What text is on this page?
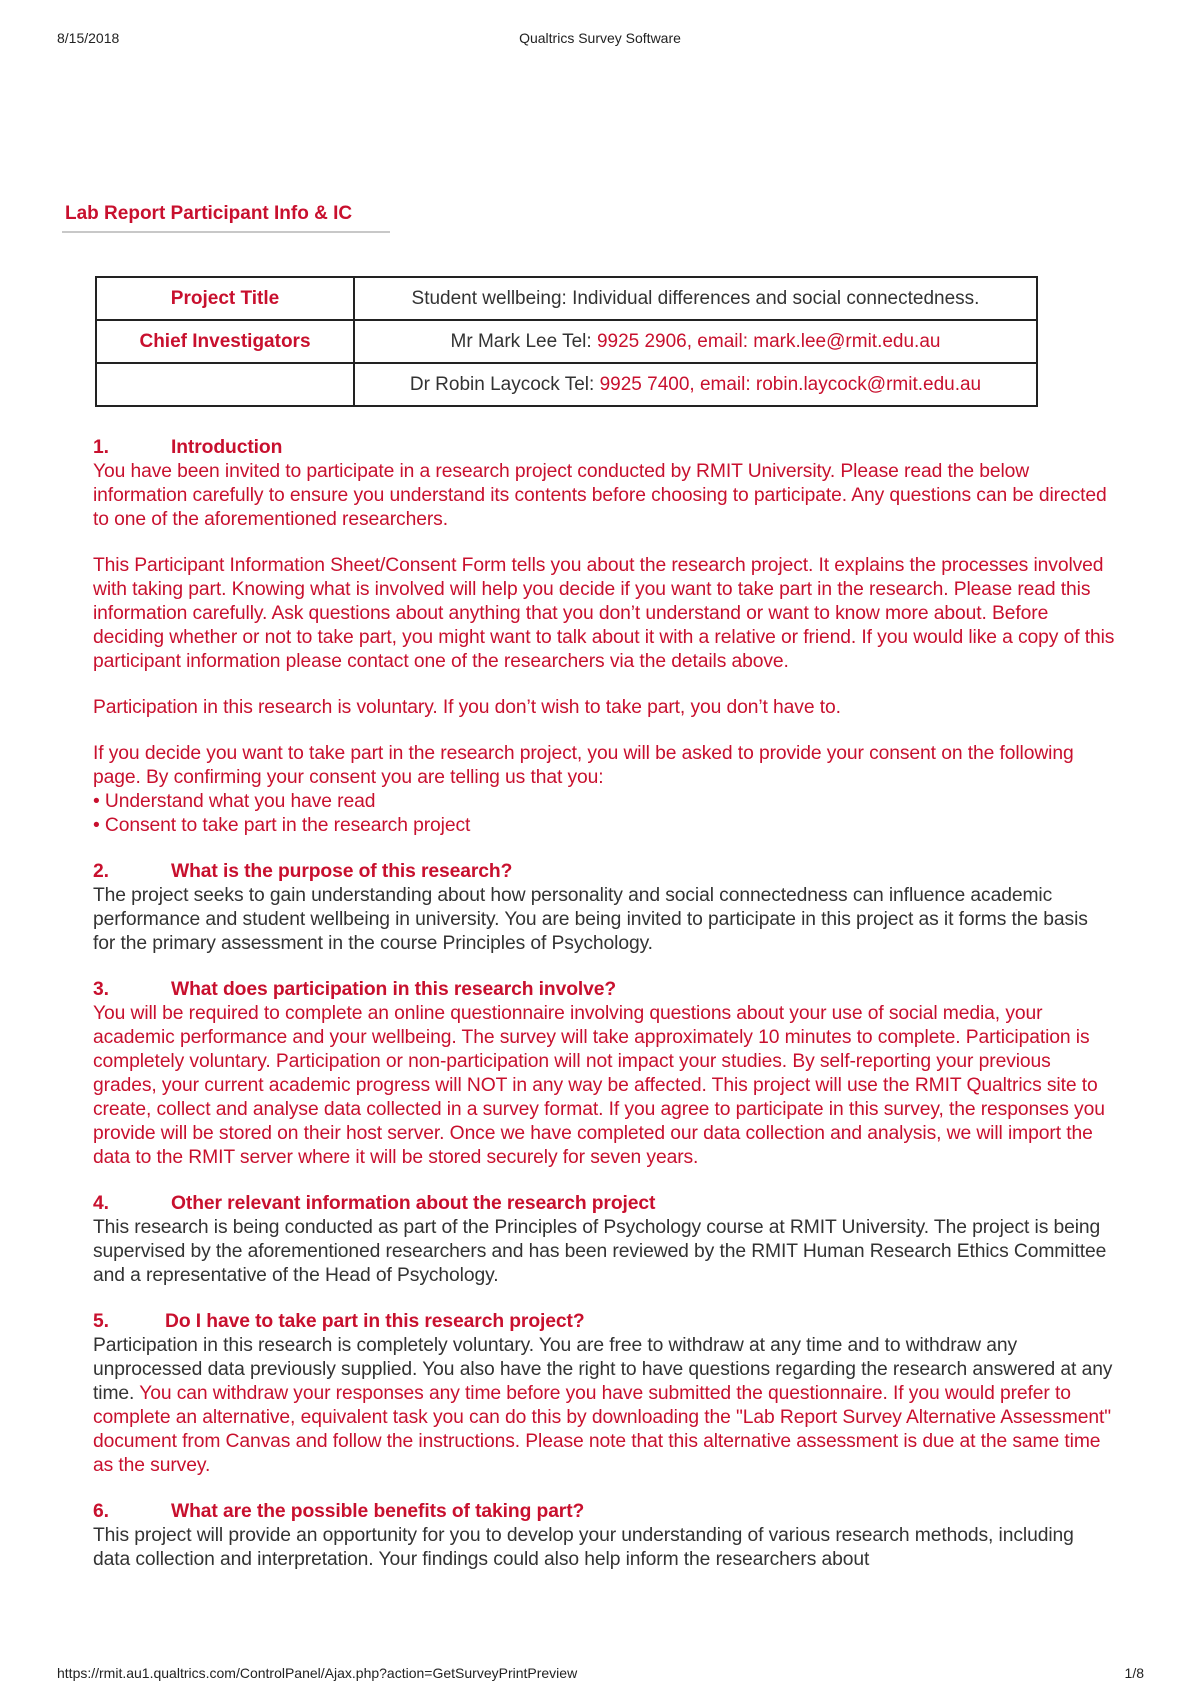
8/15/2018	Qualtrics Survey Software
Lab Report Participant Info & IC
Project Title	Student wellbeing: Individual differences and social connectedness.
Chief Investigators	Mr Mark Lee Tel: 9925 2906, email: mark.lee@rmit.edu.au
	Dr Robin Laycock Tel: 9925 7400, email: robin.laycock@rmit.edu.au
1.	Introduction

You have been invited to participate in a research project conducted by RMIT University. Please read the below information carefully to ensure you understand its contents before choosing to participate. Any questions can be directed to one of the aforementioned researchers.

This Participant Information Sheet/Consent Form tells you about the research project. It explains the processes involved with taking part. Knowing what is involved will help you decide if you want to take part in the research. Please read this information carefully. Ask questions about anything that you don’t understand or want to know more about. Before deciding whether or not to take part, you might want to talk about it with a relative or friend. If you would like a copy of this participant information please contact one of the researchers via the details above.

Participation in this research is voluntary. If you don’t wish to take part, you don’t have to.

If you decide you want to take part in the research project, you will be asked to provide your consent on the following page. By confirming your consent you are telling us that you:

• Understand what you have read

• Consent to take part in the research project

2.	What is the purpose of this research?

The project seeks to gain understanding about how personality and social connectedness can influence academic performance and student wellbeing in university. You are being invited to participate in this project as it forms the basis for the primary assessment in the course Principles of Psychology.

3.	What does participation in this research involve?

You will be required to complete an online questionnaire involving questions about your use of social media, your academic performance and your wellbeing. The survey will take approximately 10 minutes to complete. Participation is completely voluntary. Participation or non-participation will not impact your studies. By self-reporting your previous grades, your current academic progress will NOT in any way be affected. This project will use the RMIT Qualtrics site to create, collect and analyse data collected in a survey format. If you agree to participate in this survey, the responses you provide will be stored on their host server. Once we have completed our data collection and analysis, we will import the data to the RMIT server where it will be stored securely for seven years.

4.	Other relevant information about the research project

This research is being conducted as part of the Principles of Psychology course at RMIT University. The project is being supervised by the aforementioned researchers and has been reviewed by the RMIT Human Research Ethics Committee and a representative of the Head of Psychology.

5.	Do I have to take part in this research project?

Participation in this research is completely voluntary. You are free to withdraw at any time and to withdraw any unprocessed data previously supplied. You also have the right to have questions regarding the research answered at any time. You can withdraw your responses any time before you have submitted the questionnaire. If you would prefer to complete an alternative, equivalent task you can do this by downloading the "Lab Report Survey Alternative Assessment" document from Canvas and follow the instructions. Please note that this alternative assessment is due at the same time as the survey.

6.	What are the possible benefits of taking part?

This project will provide an opportunity for you to develop your understanding of various research methods, including data collection and interpretation. Your findings could also help inform the researchers about

https://rmit.au1.qualtrics.com/ControlPanel/Ajax.php?action=GetSurveyPrintPreview	1/8
